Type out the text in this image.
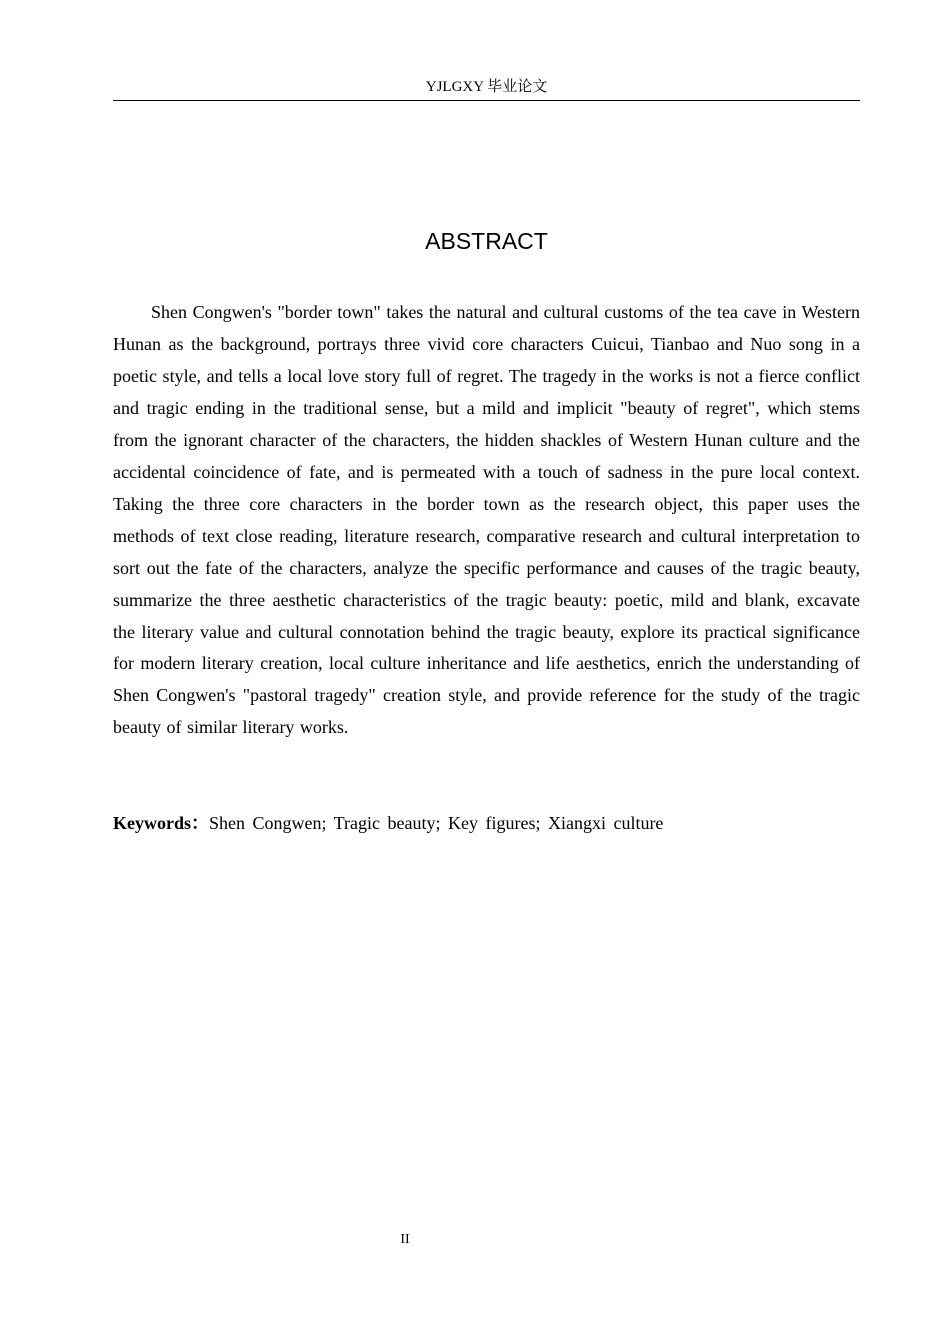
YJLGXY 毕业论文
ABSTRACT

Shen Congwen's "border town" takes the natural and cultural customs of the tea cave in Western Hunan as the background, portrays three vivid core characters Cuicui, Tianbao and Nuo song in a poetic style, and tells a local love story full of regret. The tragedy in the works is not a fierce conflict and tragic ending in the traditional sense, but a mild and implicit "beauty of regret", which stems from the ignorant character of the characters, the hidden shackles of Western Hunan culture and the accidental coincidence of fate, and is permeated with a touch of sadness in the pure local context. Taking the three core characters in the border town as the research object, this paper uses the methods of text close reading, literature research, comparative research and cultural interpretation to sort out the fate of the characters, analyze the specific performance and causes of the tragic beauty, summarize the three aesthetic characteristics of the tragic beauty: poetic, mild and blank, excavate the literary value and cultural connotation behind the tragic beauty, explore its practical significance for modern literary creation, local culture inheritance and life aesthetics, enrich the understanding of Shen Congwen's "pastoral tragedy" creation style, and provide reference for the study of the tragic beauty of similar literary works.

Keywords：Shen Congwen; Tragic beauty; Key figures; Xiangxi culture

II
